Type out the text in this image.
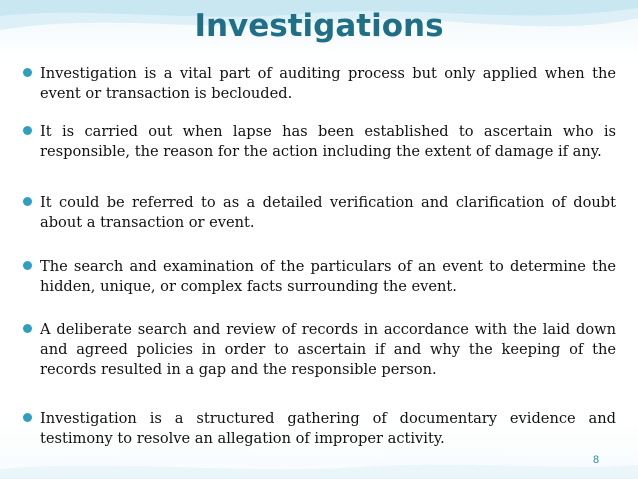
Investigations
Investigation is a vital part of auditing process but only applied when the event or transaction is beclouded.
It is carried out when lapse has been established to ascertain who is responsible, the reason for the action including the extent of damage if any.
It could be referred to as a detailed verification and clarification of doubt about a transaction or event.
The search and examination of the particulars of an event to determine the hidden, unique, or complex facts surrounding the event.
A deliberate search and review of records in accordance with the laid down and agreed policies in order to ascertain if and why the keeping of the records resulted in a gap and the responsible person.
Investigation is a structured gathering of documentary evidence and testimony to resolve an allegation of improper activity.
8
